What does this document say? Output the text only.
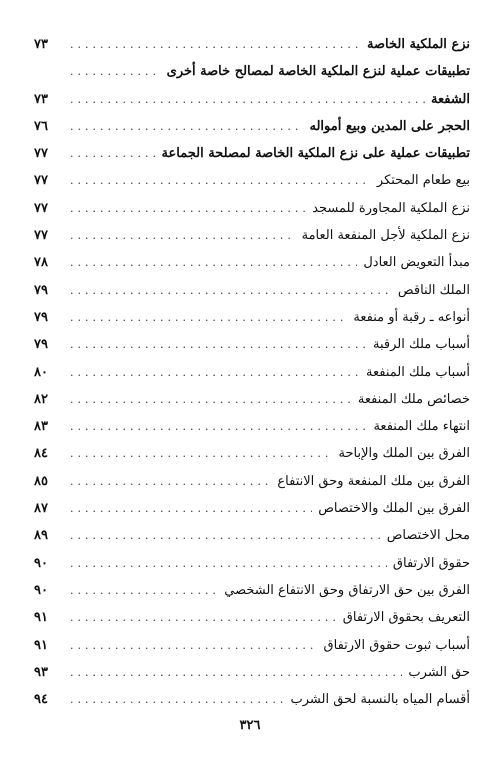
نزع الملكية الخاصة
.....
٧٣
تطبيقات عملية لنزع الملكية الخاصة لمصالح خاصة أخرى
.....
الشفعة
.....
٧٣
الحجر على المدين وبيع أمواله
.....
٧٦
تطبيقات عملية على نزع الملكية الخاصة لمصلحة الجماعة
.....
٧٧
بيع طعام المحتكر
.....
٧٧
نزع الملكية المجاورة للمسجد
.....
٧٧
نزع الملكية لأجل المنفعة العامة
.....
٧٧
مبدأ التعويض العادل
.....
٧٨
الملك الناقص
.....
٧٩
أنواعه ـ رقبة أو منفعة
.....
٧٩
أسباب ملك الرقبة
.....
٧٩
أسباب ملك المنفعة
.....
٨٠
خصائص ملك المنفعة
.....
٨٢
انتهاء ملك المنفعة
.....
٨٣
الفرق بين الملك والإباحة
.....
٨٤
الفرق بين ملك المنفعة وحق الانتفاع
.....
٨٥
الفرق بين الملك والاختصاص
.....
٨٧
محل الاختصاص
.....
٨٩
حقوق الارتفاق
.....
٩٠
الفرق بين حق الارتفاق وحق الانتفاع الشخصي
.....
٩٠
التعريف بحقوق الارتفاق
.....
٩١
أسباب ثبوت حقوق الارتفاق
.....
٩١
حق الشرب
.....
٩٣
أقسام المياه بالنسبة لحق الشرب
.....
٩٤
٣٢٦
